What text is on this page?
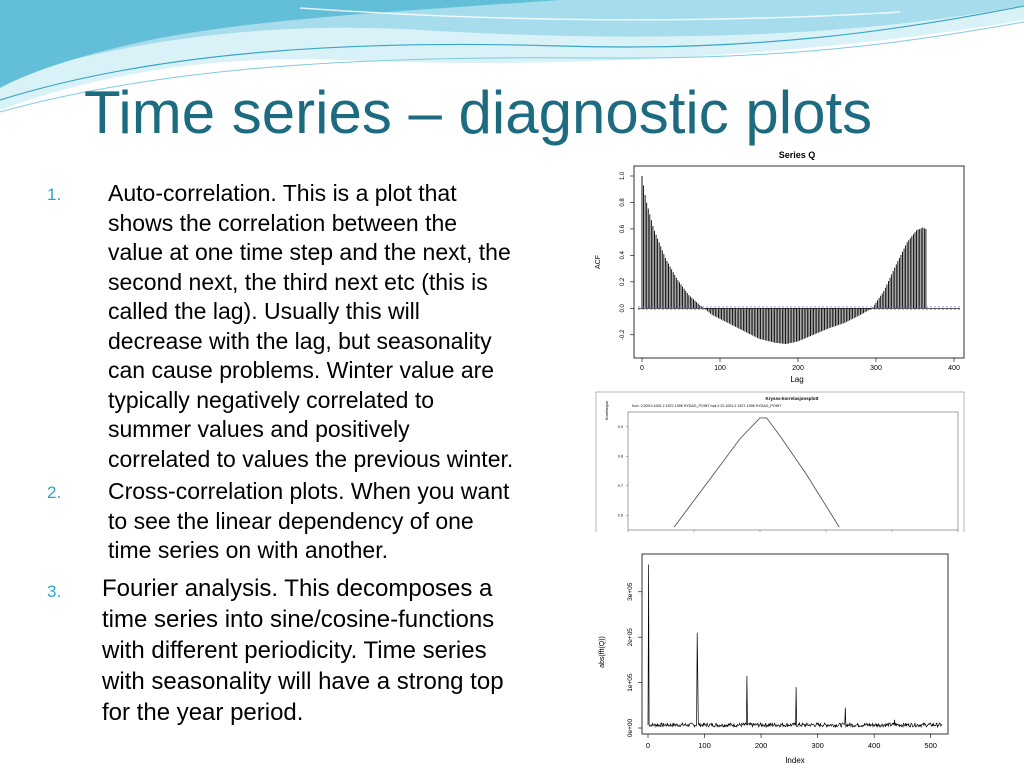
Time series – diagnostic plots
1. Auto-correlation. This is a plot that
shows the correlation between the
value at one time step and the next, the
second next, the third next etc (this is
called the lag). Usually this will
decrease with the lag, but seasonality
can cause problems. Winter value are
typically negatively correlated to
summer values and positively
correlated to values the previous winter.
2. Cross-correlation plots. When you want
to see the linear dependency of one
time series on with another.
3. Fourier analysis. This decomposes a
time series into sine/cosine-functions
with different periodicity. Time series
with seasonality will have a strong top
for the year period.
Series Q
Lag
ACF
0	100	200	300	400
-0.2
0.0
0.2
0.4
0.6
0.8
1.0
Krysss-korrelasjonsplott
Korr. 2.009.0.1001.2 1927-1998 HYDAG_POINT mot 2.22.1001.2 1927-1998 HYDAG_POINT
Korrelasjon
0.9
0.8
0.7
0.6
Index
abs(fft(Q))
0	100	200	300	400	500
0e+00
1e+05
2e+05
3e+05
